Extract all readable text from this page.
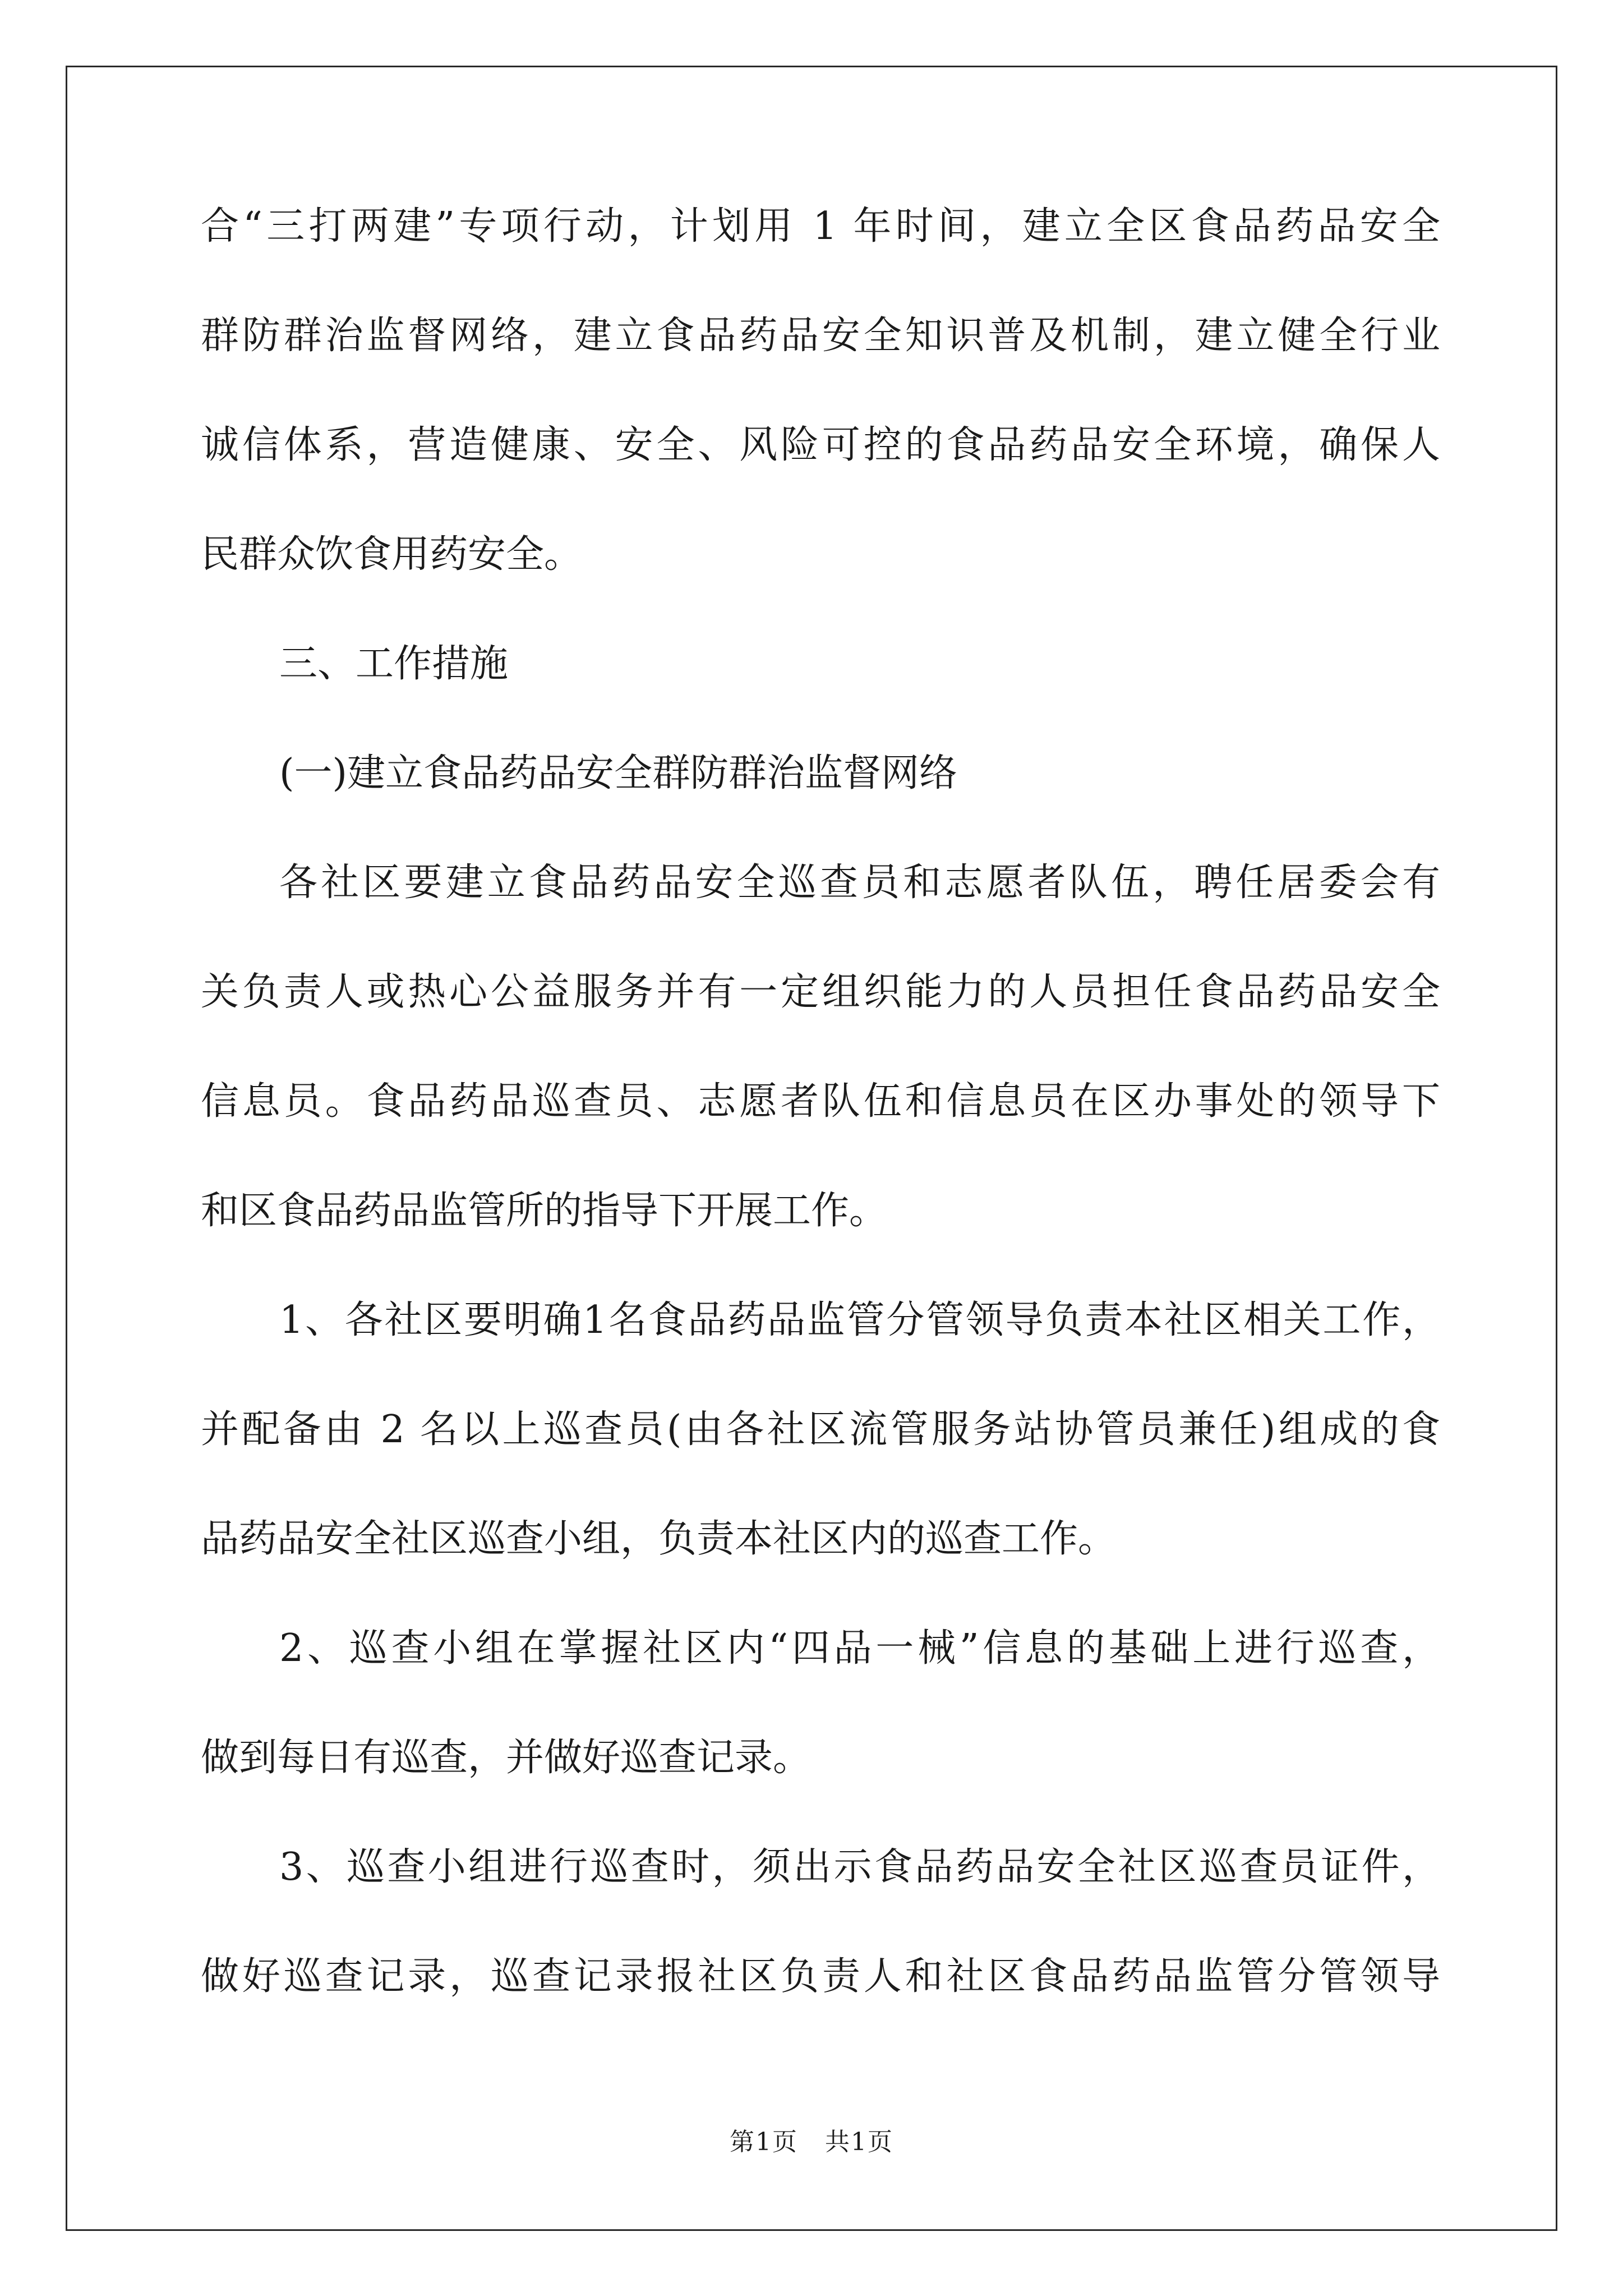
合“三打两建”专项行动，计划用 1 年时间，建立全区食品药品安全
群防群治监督网络，建立食品药品安全知识普及机制，建立健全行业
诚信体系，营造健康、安全、风险可控的食品药品安全环境，确保人
民群众饮食用药安全。
三、工作措施
(一)建立食品药品安全群防群治监督网络
各社区要建立食品药品安全巡查员和志愿者队伍，聘任居委会有
关负责人或热心公益服务并有一定组织能力的人员担任食品药品安全
信息员。食品药品巡查员、志愿者队伍和信息员在区办事处的领导下
和区食品药品监管所的指导下开展工作。
1、各社区要明确1名食品药品监管分管领导负责本社区相关工作，
并配备由 2 名以上巡查员(由各社区流管服务站协管员兼任)组成的食
品药品安全社区巡查小组，负责本社区内的巡查工作。
2、巡查小组在掌握社区内“四品一械”信息的基础上进行巡查，
做到每日有巡查，并做好巡查记录。
3、巡查小组进行巡查时，须出示食品药品安全社区巡查员证件，
做好巡查记录，巡查记录报社区负责人和社区食品药品监管分管领导
第1页 共1页
